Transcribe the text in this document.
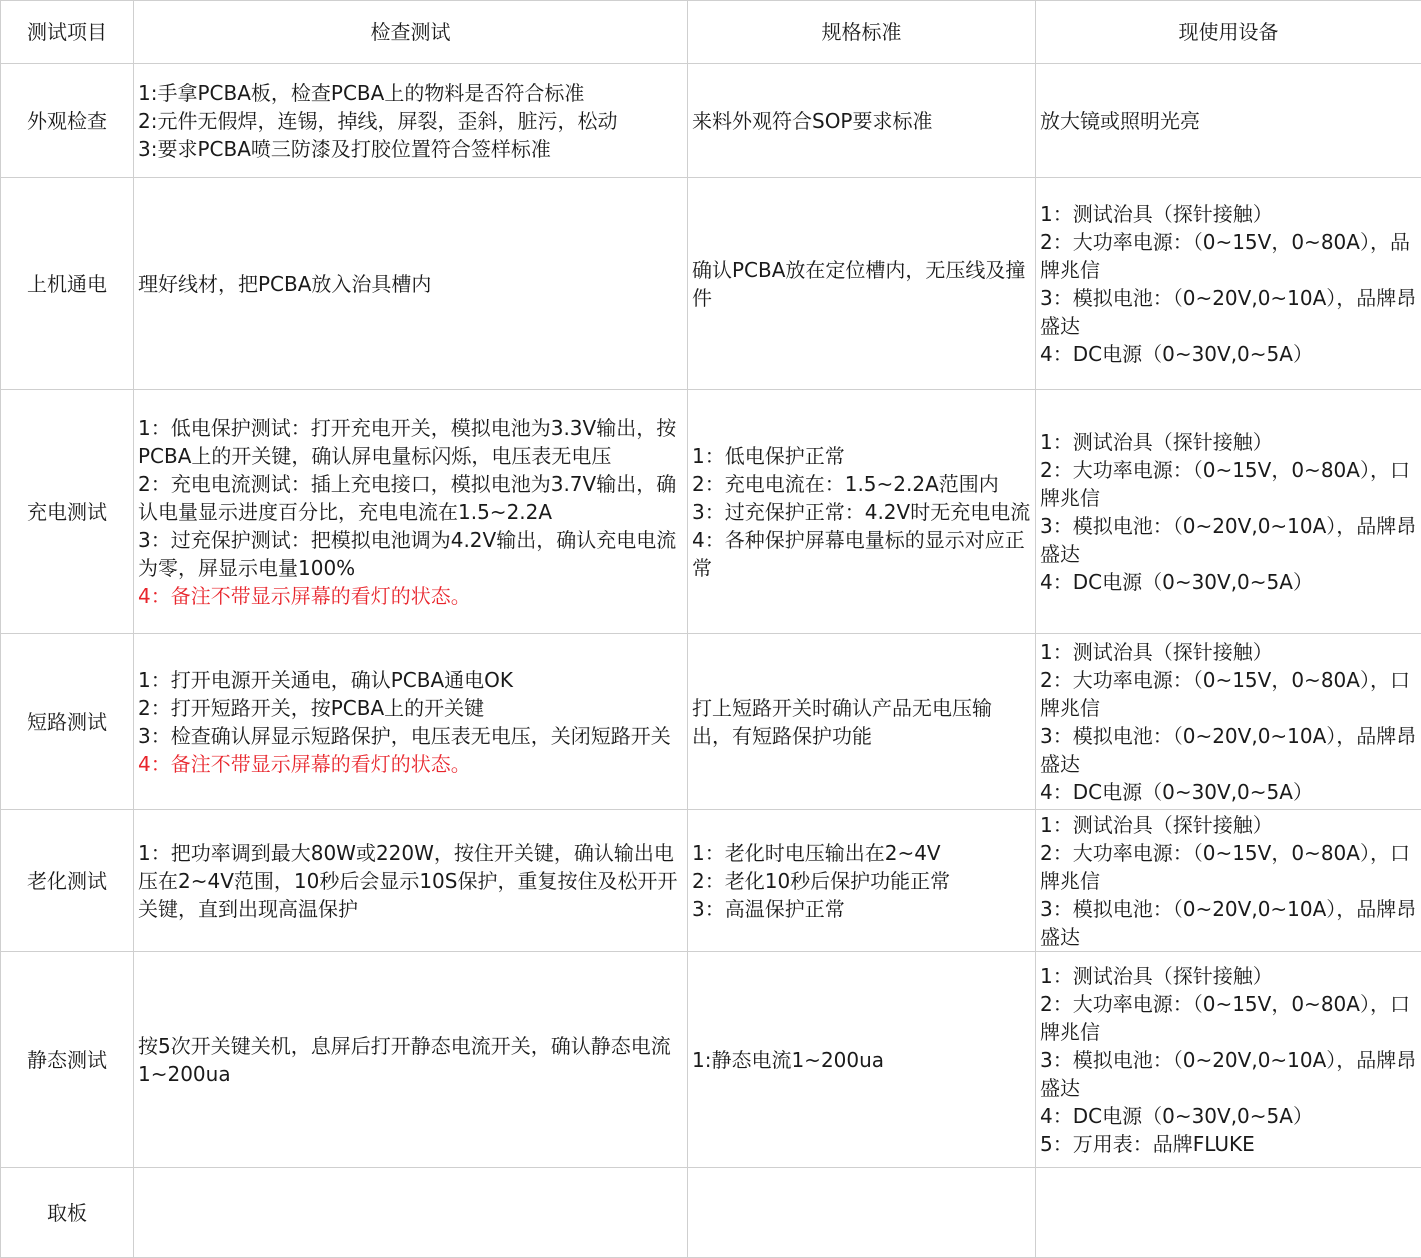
测试项目	检查测试	规格标准	现使用设备
外观检查	1:手拿PCBA板，检查PCBA上的物料是否符合标准
2:元件无假焊，连锡，掉线，屏裂，歪斜，脏污，松动
3:要求PCBA喷三防漆及打胶位置符合签样标准	来料外观符合SOP要求标准	放大镜或照明光亮

上机通电	理好线材，把PCBA放入治具槽内	确认PCBA放在定位槽内，无压线及撞件	1：测试治具（探针接触）
2：大功率电源：（0~15V，0~80A），品牌兆信
3：模拟电池：（0~20V,0~10A），品牌昂盛达
4：DC电源（0~30V,0~5A）

充电测试	1：低电保护测试：打开充电开关，模拟电池为3.3V输出，按PCBA上的开关键，确认屏电量标闪烁，电压表无电压
2：充电电流测试：插上充电接口，模拟电池为3.7V输出，确认电量显示进度百分比，充电电流在1.5~2.2A
3：过充保护测试：把模拟电池调为4.2V输出，确认充电电流为零，屏显示电量100%
4：备注不带显示屏幕的看灯的状态。	1：低电保护正常
2：充电电流在：1.5~2.2A范围内
3：过充保护正常：4.2V时无充电电流
4：各种保护屏幕电量标的显示对应正常	1：测试治具（探针接触）
2：大功率电源：（0~15V，0~80A），口牌兆信
3：模拟电池：（0~20V,0~10A），品牌昂盛达
4：DC电源（0~30V,0~5A）

短路测试	1：打开电源开关通电，确认PCBA通电OK
2：打开短路开关，按PCBA上的开关键
3：检查确认屏显示短路保护，电压表无电压，关闭短路开关
4：备注不带显示屏幕的看灯的状态。	打上短路开关时确认产品无电压输出，有短路保护功能	1：测试治具（探针接触）
2：大功率电源：（0~15V，0~80A），口牌兆信
3：模拟电池：（0~20V,0~10A），品牌昂盛达
4：DC电源（0~30V,0~5A）

老化测试	1：把功率调到最大80W或220W，按住开关键，确认输出电压在2~4V范围，10秒后会显示10S保护，重复按住及松开开关键，直到出现高温保护	1：老化时电压输出在2~4V
2：老化10秒后保护功能正常
3：高温保护正常	1：测试治具（探针接触）
2：大功率电源：（0~15V，0~80A），口牌兆信
3：模拟电池：（0~20V,0~10A），品牌昂盛达

静态测试	按5次开关键关机，息屏后打开静态电流开关，确认静态电流1~200ua	1:静态电流1~200ua	1：测试治具（探针接触）
2：大功率电源：（0~15V，0~80A），口牌兆信
3：模拟电池：（0~20V,0~10A），品牌昂盛达
4：DC电源（0~30V,0~5A）
5：万用表：品牌FLUKE

取板			
